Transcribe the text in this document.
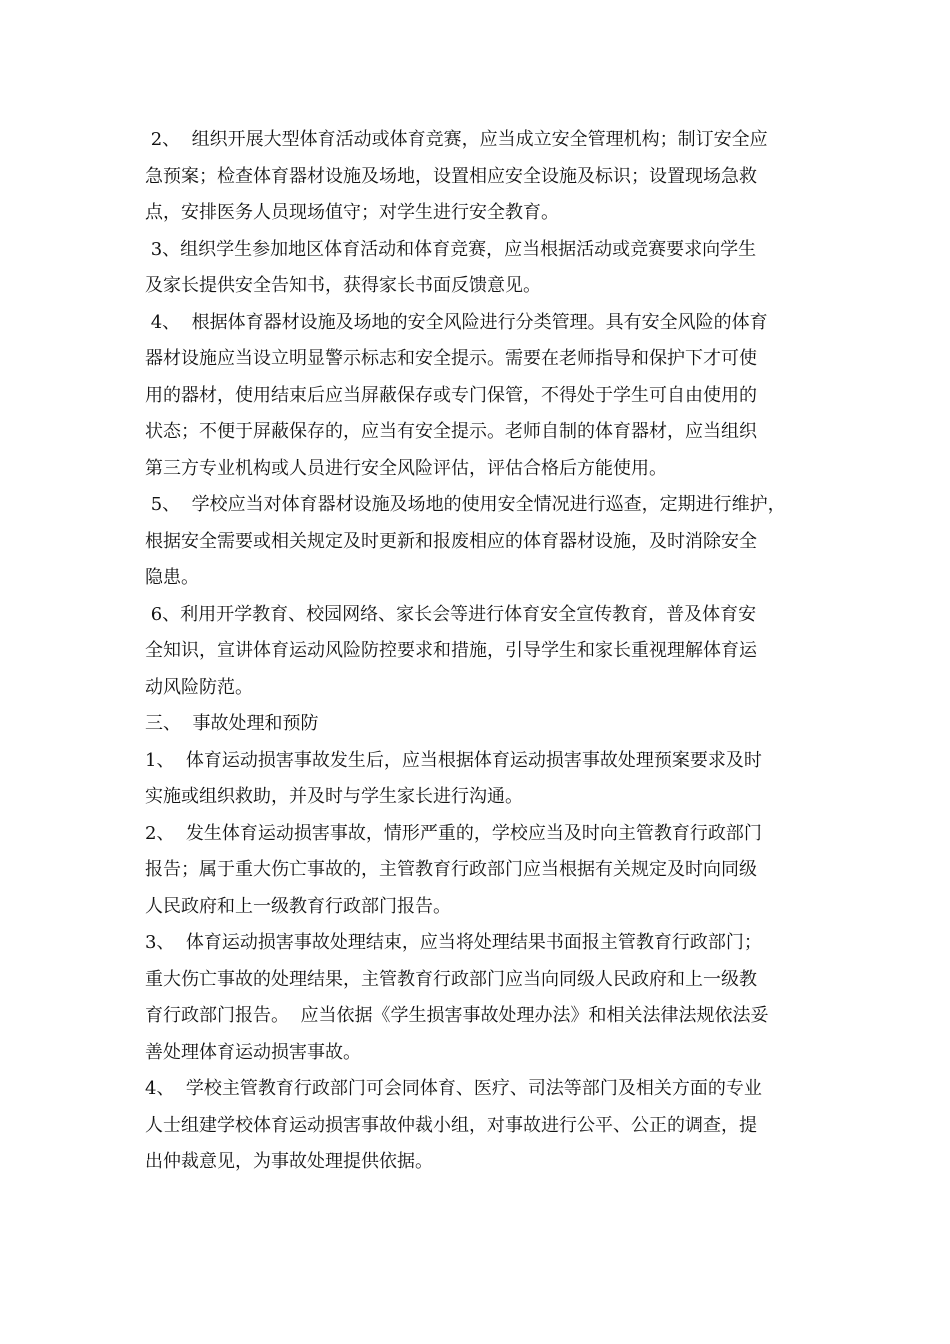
2、  组织开展大型体育活动或体育竞赛，应当成立安全管理机构；制订安全应
急预案；检查体育器材设施及场地，设置相应安全设施及标识；设置现场急救
点，安排医务人员现场值守；对学生进行安全教育。
3、组织学生参加地区体育活动和体育竞赛，应当根据活动或竞赛要求向学生
及家长提供安全告知书，获得家长书面反馈意见。
4、  根据体育器材设施及场地的安全风险进行分类管理。具有安全风险的体育
器材设施应当设立明显警示标志和安全提示。需要在老师指导和保护下才可使
用的器材，使用结束后应当屏蔽保存或专门保管，不得处于学生可自由使用的
状态；不便于屏蔽保存的，应当有安全提示。老师自制的体育器材，应当组织
第三方专业机构或人员进行安全风险评估，评估合格后方能使用。
5、  学校应当对体育器材设施及场地的使用安全情况进行巡查，定期进行维护，
根据安全需要或相关规定及时更新和报废相应的体育器材设施，及时消除安全
隐患。
6、利用开学教育、校园网络、家长会等进行体育安全宣传教育，普及体育安
全知识，宣讲体育运动风险防控要求和措施，引导学生和家长重视理解体育运
动风险防范。
三、  事故处理和预防
1、  体育运动损害事故发生后，应当根据体育运动损害事故处理预案要求及时
实施或组织救助，并及时与学生家长进行沟通。
2、  发生体育运动损害事故，情形严重的，学校应当及时向主管教育行政部门
报告；属于重大伤亡事故的，主管教育行政部门应当根据有关规定及时向同级
人民政府和上一级教育行政部门报告。
3、  体育运动损害事故处理结束，应当将处理结果书面报主管教育行政部门；
重大伤亡事故的处理结果，主管教育行政部门应当向同级人民政府和上一级教
育行政部门报告。  应当依据《学生损害事故处理办法》和相关法律法规依法妥
善处理体育运动损害事故。
4、  学校主管教育行政部门可会同体育、医疗、司法等部门及相关方面的专业
人士组建学校体育运动损害事故仲裁小组，对事故进行公平、公正的调查，提
出仲裁意见，为事故处理提供依据。
